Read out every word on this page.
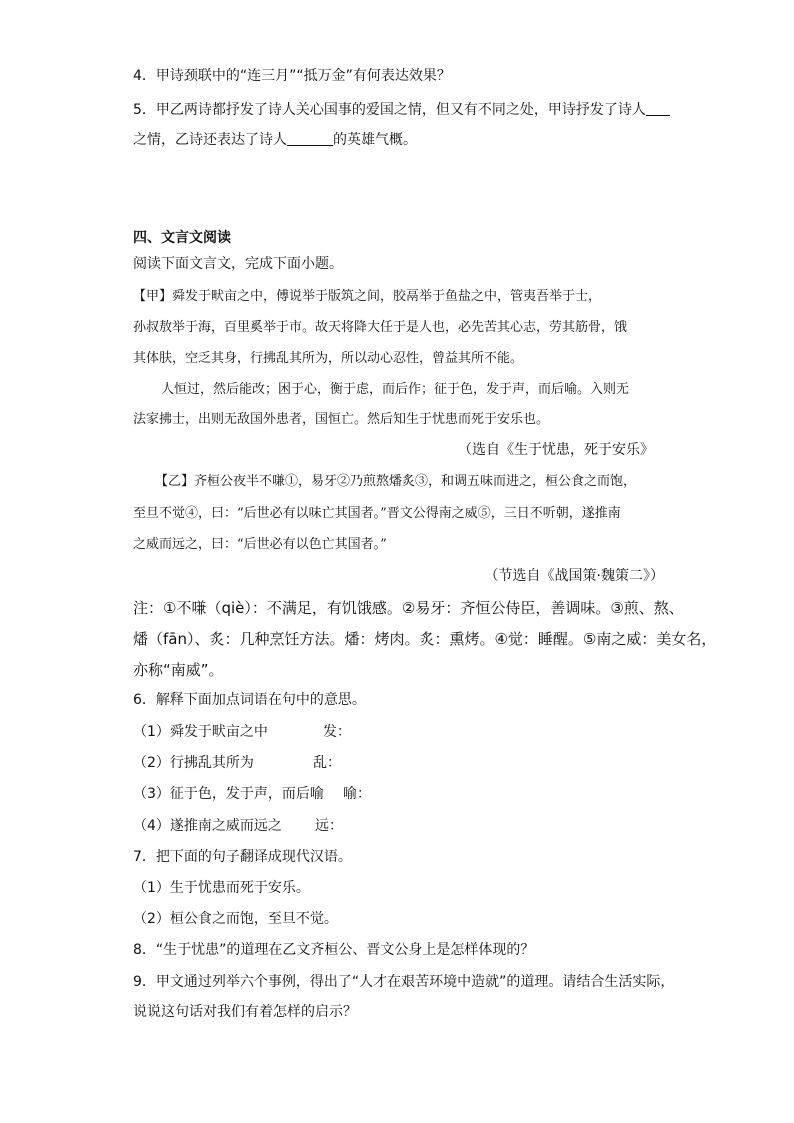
4．甲诗颈联中的“连三月”“抵万金”有何表达效果？
5．甲乙两诗都抒发了诗人关心国事的爱国之情，但又有不同之处，甲诗抒发了诗人
之情，乙诗还表达了诗人	的英雄气概。
四、文言文阅读
阅读下面文言文，完成下面小题。
【甲】舜发于畎亩之中，傅说举于版筑之间，胶鬲举于鱼盐之中，管夷吾举于士，
孙叔敖举于海，百里奚举于市。故天将降大任于是人也，必先苦其心志，劳其筋骨，饿
其体肤，空乏其身，行拂乱其所为，所以动心忍性，曾益其所不能。
人恒过，然后能改；困于心，衡于虑，而后作；征于色，发于声，而后喻。入则无
法家拂士，出则无敌国外患者，国恒亡。然后知生于忧患而死于安乐也。
（选自《生于忧患，死于安乐》
【乙】齐桓公夜半不嗛①，易牙②乃煎熬燔炙③，和调五味而进之，桓公食之而饱，
至旦不觉④，曰：“后世必有以味亡其国者。”晋文公得南之威⑤，三日不听朝，遂推南
之威而远之，曰：“后世必有以色亡其国者。”
（节选自《战国策·魏策二》）
注：①不嗛（qiè）：不满足，有饥饿感。②易牙：齐恒公侍臣，善调味。③煎、熬、
燔（fān）、炙：几种烹饪方法。燔：烤肉。炙：熏烤。④觉：睡醒。⑤南之威：美女名，
亦称“南威”。
6．解释下面加点词语在句中的意思。
（1）舜发于畎亩之中	发：
（2）行拂乱其所为	乱：
（3）征于色，发于声，而后喻 喻：
（4）遂推南之威而远之 远：
7．把下面的句子翻译成现代汉语。
（1）生于忧患而死于安乐。
（2）桓公食之而饱，至旦不觉。
8．“生于忧患”的道理在乙文齐桓公、晋文公身上是怎样体现的？
9．甲文通过列举六个事例，得出了“人才在艰苦环境中造就”的道理。请结合生活实际，
说说这句话对我们有着怎样的启示？
